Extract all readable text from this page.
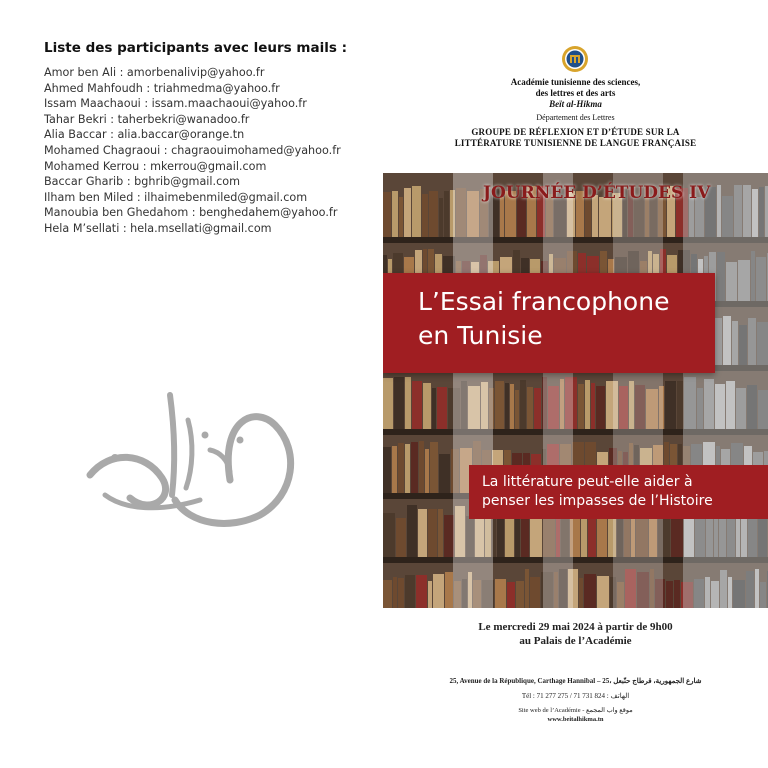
Liste des participants avec leurs mails :
Amor ben Ali : amorbenalivip@yahoo.fr
Ahmed Mahfoudh : triahmedma@yahoo.fr
Issam Maachaoui : issam.maachaoui@yahoo.fr
Tahar Bekri : taherbekri@wanadoo.fr
Alia Baccar : alia.baccar@orange.tn
Mohamed Chagraoui : chagraouimohamed@yahoo.fr
Mohamed Kerrou : mkerrou@gmail.com
Baccar Gharib : bghrib@gmail.com
Ilham ben Miled : ilhaimebenmiled@gmail.com
Manoubia ben Ghedahom : benghedahem@yahoo.fr
Hela M’sellati : hela.msellati@gmail.com
Académie tunisienne des sciences,
des lettres et des arts
Beït al-Hikma
Département des Lettres
GROUPE DE RÉFLEXION ET D’ÉTUDE SUR LA
LITTÉRATURE TUNISIENNE DE LANGUE FRANÇAISE
JOURNÉE D’ÉTUDES IV
L’Essai francophone
en Tunisie
La littérature peut-elle aider à
penser les impasses de l’Histoire
Le mercredi 29 mai 2024 à partir de 9h00
au Palais de l’Académie
25, Avenue de la République, Carthage Hannibal – 25، شارع الجمهورية، قرطاج حنّبعل
Tél : 71 277 275 / 71 731 824 : الهاتف
Site web de l’Académie - موقع واب المجمع
www.beitalhikma.tn
